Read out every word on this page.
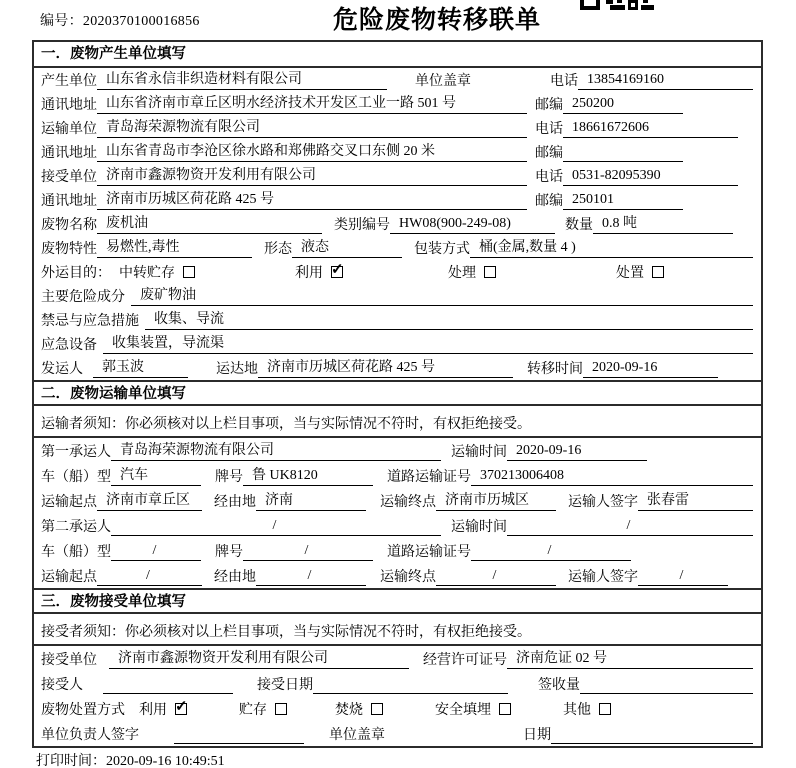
编号：2020370100016856	危险废物转移联单
一．废物产生单位填写
产生单位 山东省永信非织造材料有限公司	单位盖章	电话 13854169160
通讯地址 山东省济南市章丘区明水经济技术开发区工业一路 501 号	邮编 250200
运输单位 青岛海荣源物流有限公司	电话 18661672606
通讯地址 山东省青岛市李沧区徐水路和郑佛路交叉口东侧 20 米	邮编
接受单位 济南市鑫源物资开发利用有限公司	电话 0531-82095390
通讯地址 济南市历城区荷花路 425 号	邮编 250101
废物名称 废机油	类别编号 HW08(900-249-08)	数量 0.8 吨
废物特性 易燃性,毒性	形态 液态	包装方式 桶(金属,数量 4 )
外运目的： 中转贮存	利用 ✓	处理	处置
主要危险成分	废矿物油
禁忌与应急措施	收集、导流
应急设备	收集装置，导流渠
发运人	郭玉波	运达地 济南市历城区荷花路 425 号	转移时间 2020-09-16
二．废物运输单位填写
运输者须知： 你必须核对以上栏目事项，当与实际情况不符时，有权拒绝接受。
第一承运人 青岛海荣源物流有限公司	运输时间 2020-09-16
车（船）型 汽车	牌号 鲁 UK8120	道路运输证号 370213006408
运输起点 济南市章丘区	经由地 济南	运输终点 济南市历城区	运输人签字 张春雷
第二承运人	/	运输时间	/
车（船）型	/	牌号	/	道路运输证号	/
运输起点	/	经由地	/	运输终点	/	运输人签字	/
三．废物接受单位填写
接受者须知： 你必须核对以上栏目事项，当与实际情况不符时，有权拒绝接受。
接受单位	济南市鑫源物资开发利用有限公司	经营许可证号 济南危证 02 号
接受人	接受日期	签收量
废物处置方式 利用 ✓	贮存	焚烧	安全填埋	其他
单位负责人签字	单位盖章	日期
打印时间：2020-09-16 10:49:51
